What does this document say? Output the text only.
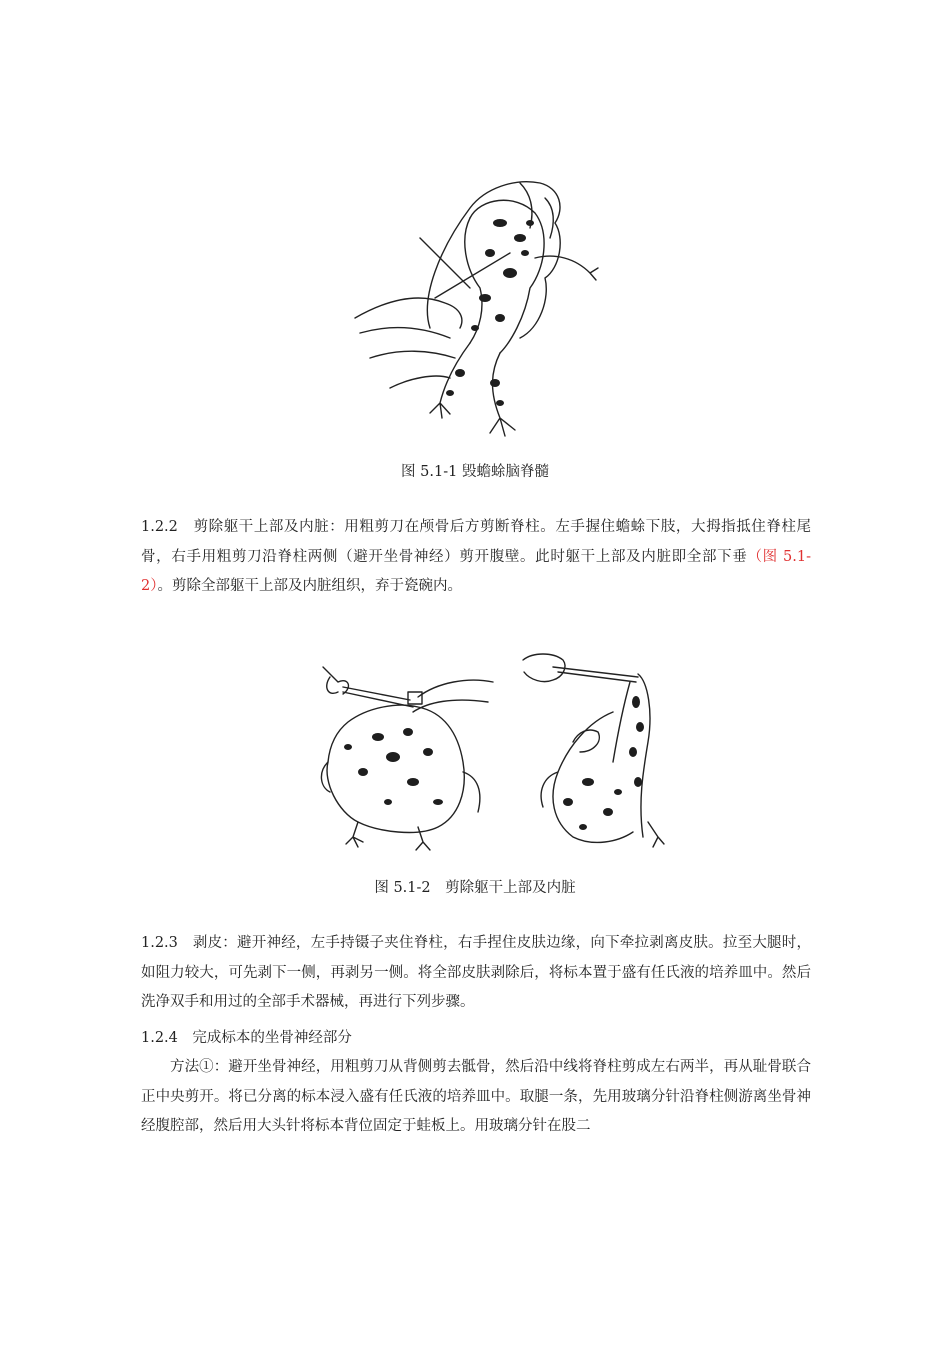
图 5.1-1 毁蟾蜍脑脊髓

1.2.2　 剪除躯干上部及内脏：用粗剪刀在颅骨后方剪断脊柱。左手握住蟾蜍下肢，大拇指抵住脊柱尾骨，右手用粗剪刀沿脊柱两侧（避开坐骨神经）剪开腹壁。此时躯干上部及内脏即全部下垂（图 5.1-2）。剪除全部躯干上部及内脏组织，弃于瓷碗内。

图 5.1-2　剪除躯干上部及内脏

1.2.3　 剥皮：避开神经，左手持镊子夹住脊柱，右手捏住皮肤边缘，向下牵拉剥离皮肤。拉至大腿时，如阻力较大，可先剥下一侧，再剥另一侧。将全部皮肤剥除后，将标本置于盛有任氏液的培养皿中。然后洗净双手和用过的全部手术器械，再进行下列步骤。

1.2.4　 完成标本的坐骨神经部分

方法①：避开坐骨神经，用粗剪刀从背侧剪去骶骨，然后沿中线将脊柱剪成左右两半，再从耻骨联合正中央剪开。将已分离的标本浸入盛有任氏液的培养皿中。取腿一条，先用玻璃分针沿脊柱侧游离坐骨神经腹腔部，然后用大头针将标本背位固定于蛙板上。用玻璃分针在股二
